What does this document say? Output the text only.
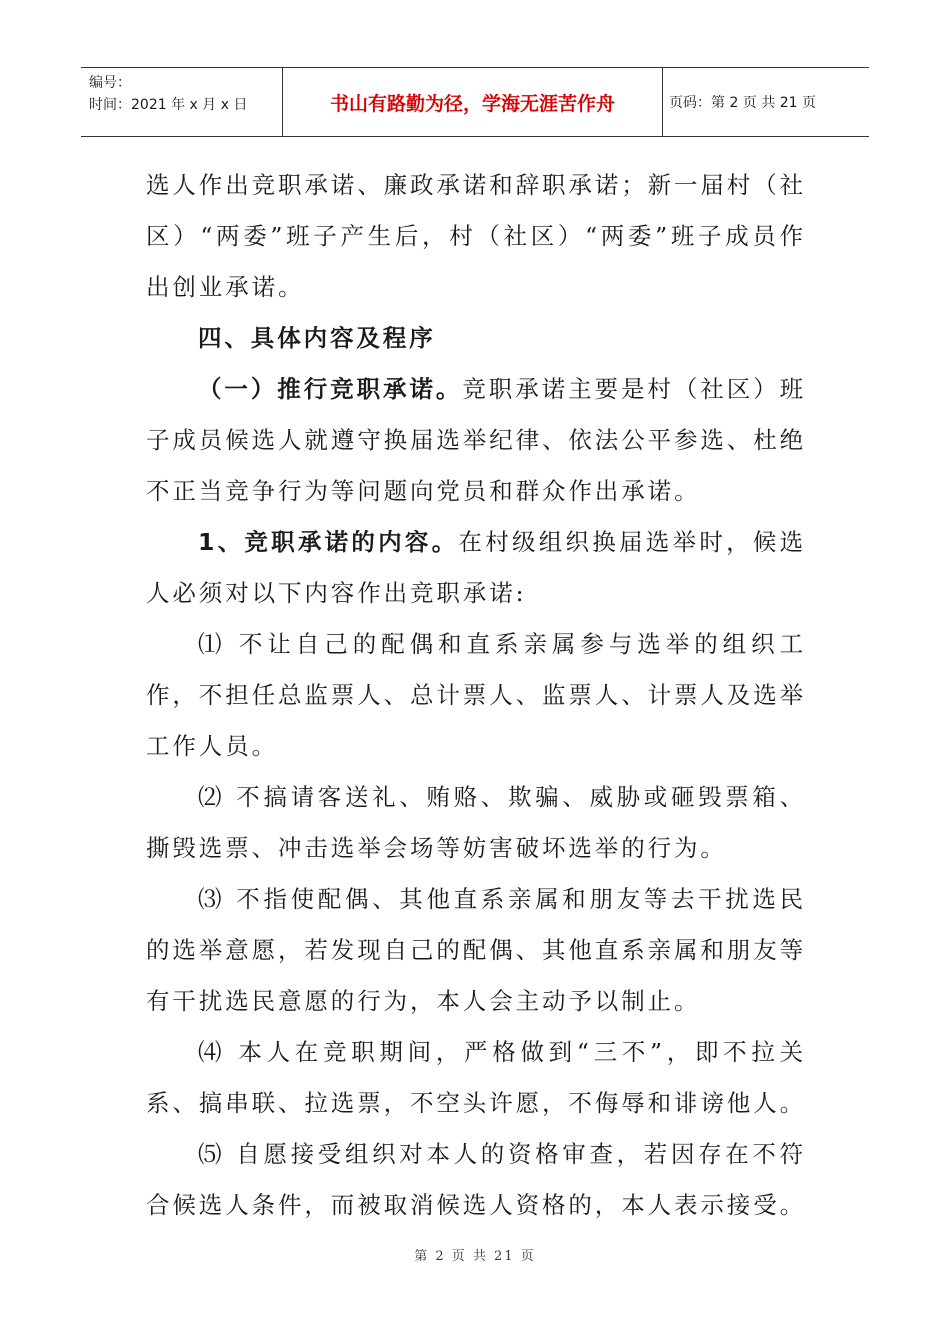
编号：
时间：2021 年 x 月 x 日	书山有路勤为径，学海无涯苦作舟	页码：第 2 页 共 21 页

选人作出竞职承诺、廉政承诺和辞职承诺；新一届村（社区）“两委”班子产生后，村（社区）“两委”班子成员作出创业承诺。

四、具体内容及程序

（一）推行竞职承诺。竞职承诺主要是村（社区）班子成员候选人就遵守换届选举纪律、依法公平参选、杜绝不正当竞争行为等问题向党员和群众作出承诺。

1、竞职承诺的内容。在村级组织换届选举时，候选人必须对以下内容作出竞职承诺:

⑴ 不让自己的配偶和直系亲属参与选举的组织工作，不担任总监票人、总计票人、监票人、计票人及选举工作人员。

⑵ 不搞请客送礼、贿赂、欺骗、威胁或砸毁票箱、撕毁选票、冲击选举会场等妨害破坏选举的行为。

⑶ 不指使配偶、其他直系亲属和朋友等去干扰选民的选举意愿，若发现自己的配偶、其他直系亲属和朋友等有干扰选民意愿的行为，本人会主动予以制止。

⑷ 本人在竞职期间，严格做到“三不”，即不拉关系、搞串联、拉选票，不空头许愿，不侮辱和诽谤他人。

⑸ 自愿接受组织对本人的资格审查，若因存在不符合候选人条件，而被取消候选人资格的，本人表示接受。

第 2 页 共 21 页
